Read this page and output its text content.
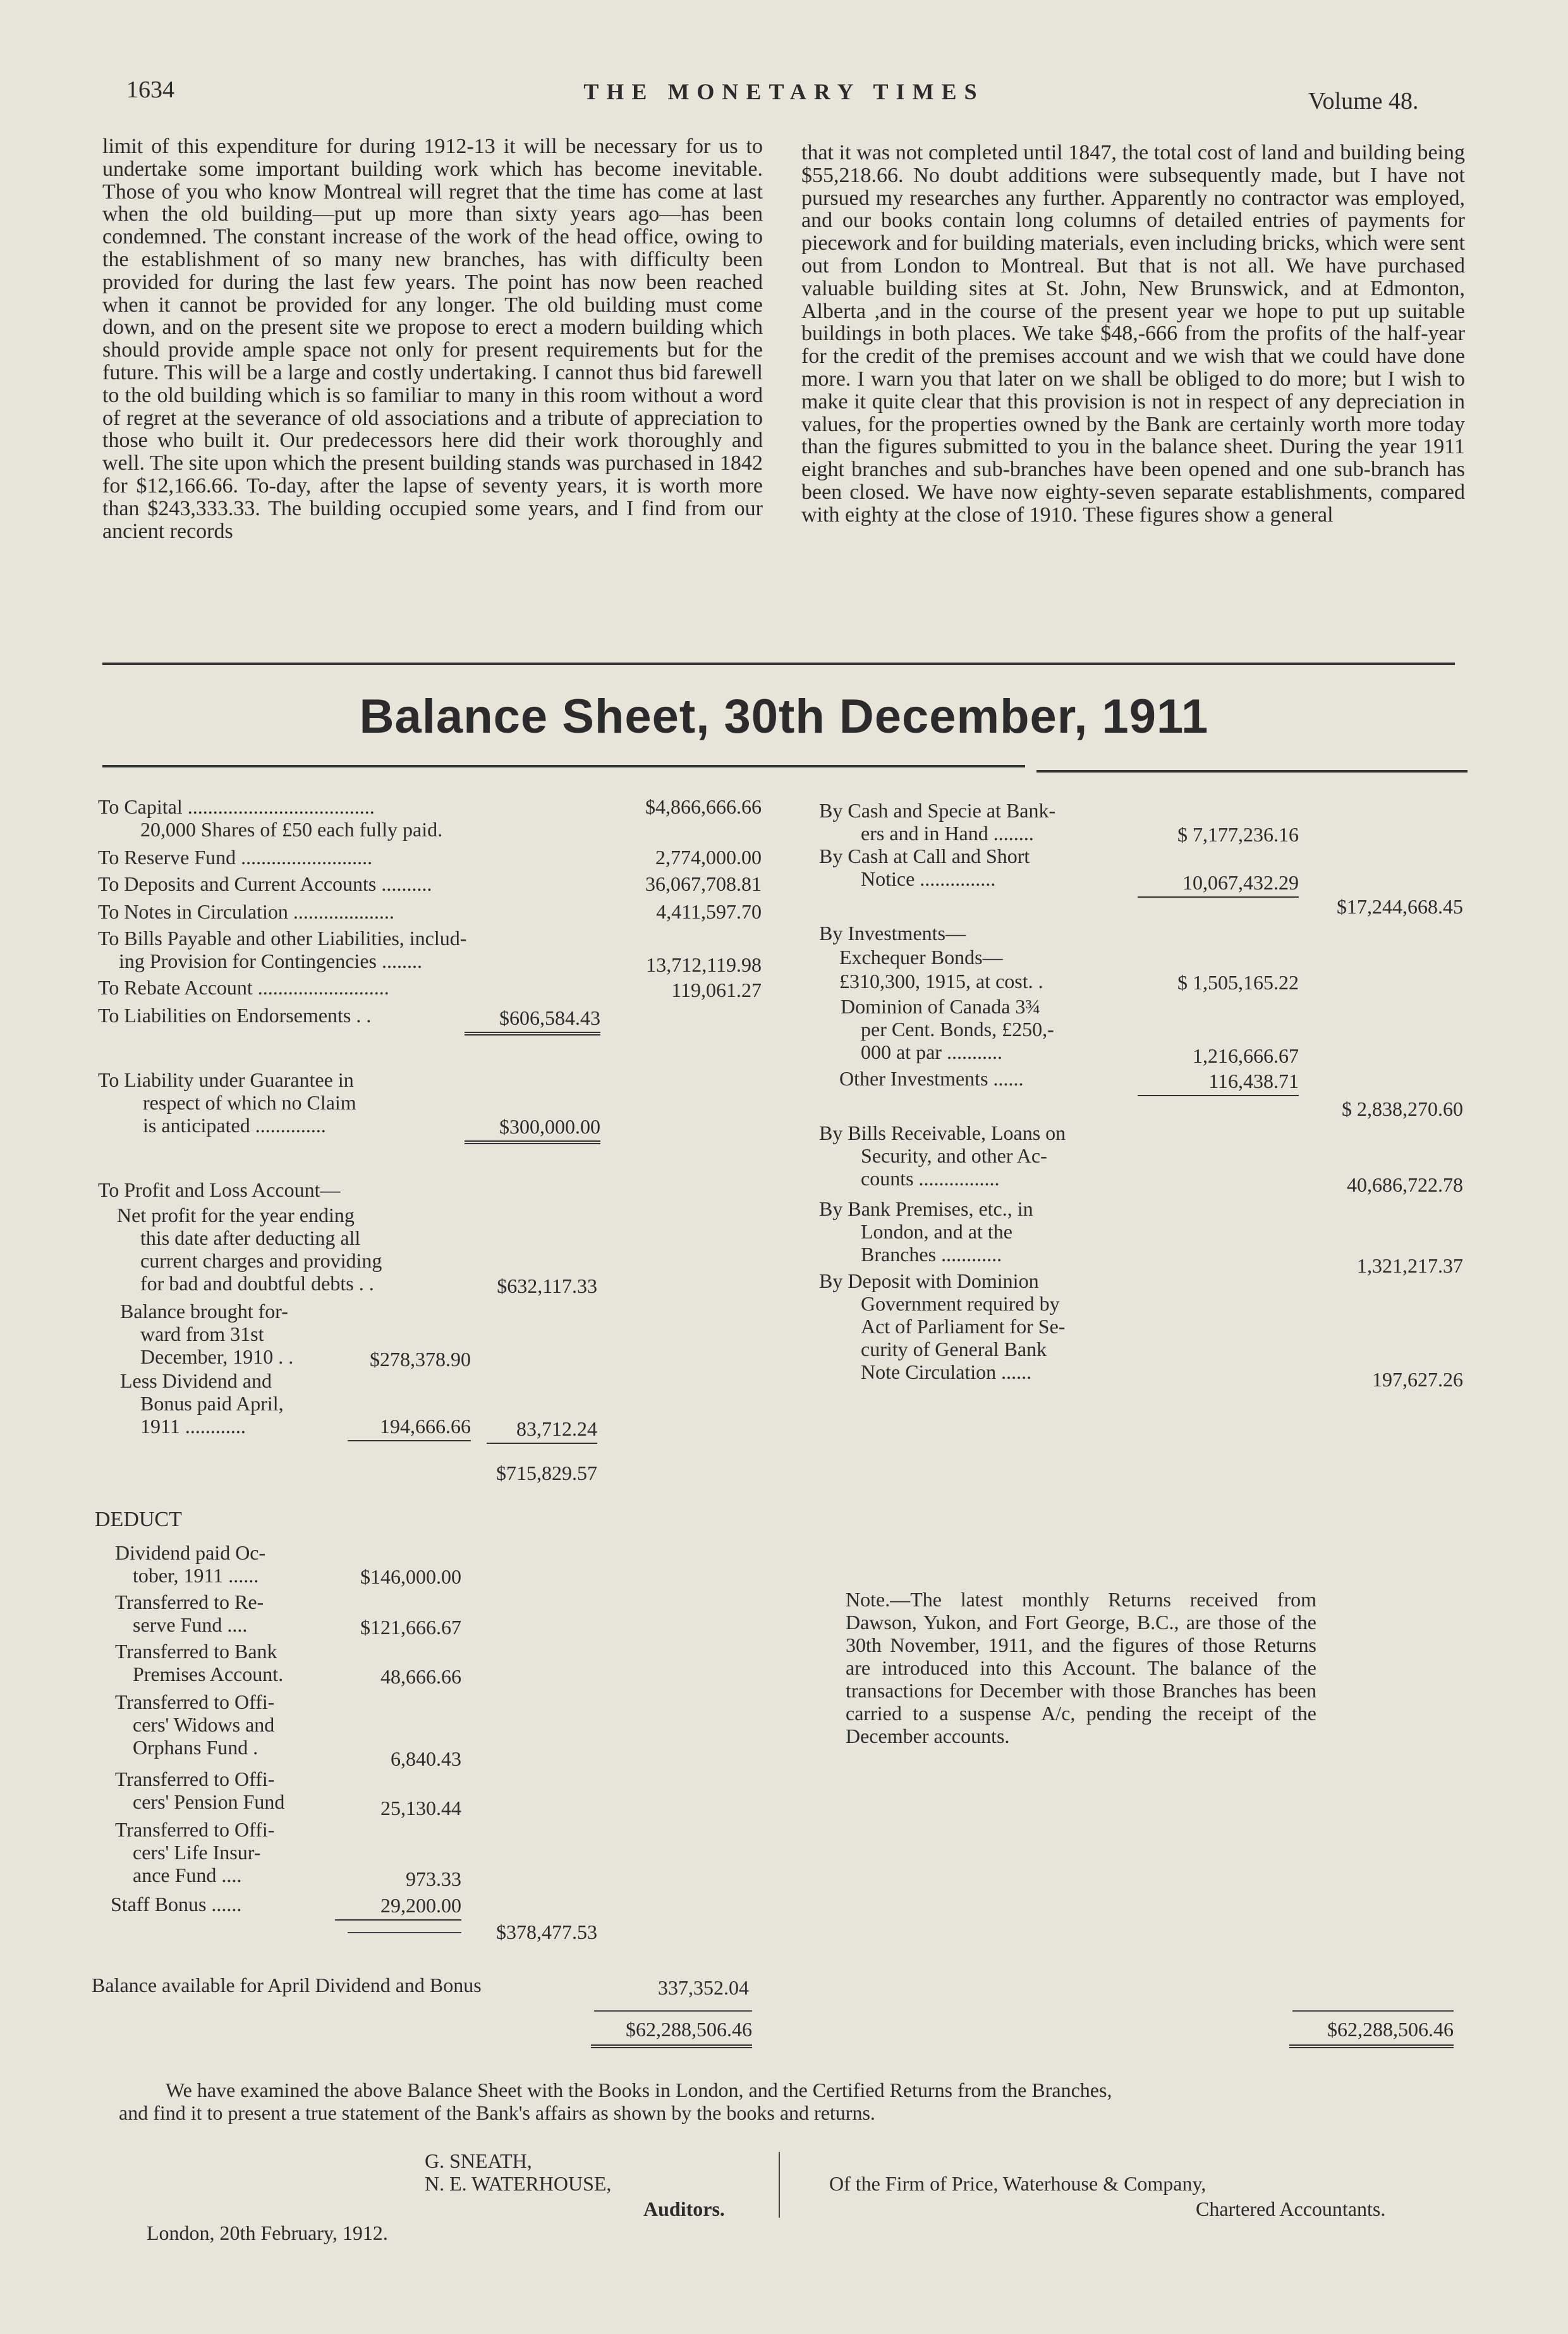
1634	THE MONETARY TIMES	Volume 48.
limit of this expenditure for during 1912-13 it will be necessary for us to undertake some important building work which has become inevitable. Those of you who know Montreal will regret that the time has come at last when the old building—put up more than sixty years ago—has been condemned. The constant increase of the work of the head office, owing to the establishment of so many new branches, has with difficulty been provided for during the last few years. The point has now been reached when it cannot be provided for any longer. The old building must come down, and on the present site we propose to erect a modern building which should provide ample space not only for present requirements but for the future. This will be a large and costly undertaking. I cannot thus bid farewell to the old building which is so familiar to many in this room without a word of regret at the severance of old associations and a tribute of appreciation to those who built it. Our predecessors here did their work thoroughly and well. The site upon which the present building stands was purchased in 1842 for $12,166.66. To-day, after the lapse of seventy years, it is worth more than $243,333.33. The building occupied some years, and I find from our ancient records
that it was not completed until 1847, the total cost of land and building being $55,218.66. No doubt additions were subsequently made, but I have not pursued my researches any further. Apparently no contractor was employed, and our books contain long columns of detailed entries of payments for piecework and for building materials, even including bricks, which were sent out from London to Montreal. But that is not all. We have purchased valuable building sites at St. John, New Brunswick, and at Edmonton, Alberta ,and in the course of the present year we hope to put up suitable buildings in both places. We take $48,-666 from the profits of the half-year for the credit of the premises account and we wish that we could have done more. I warn you that later on we shall be obliged to do more; but I wish to make it quite clear that this provision is not in respect of any depreciation in values, for the properties owned by the Bank are certainly worth more today than the figures submitted to you in the balance sheet. During the year 1911 eight branches and sub-branches have been opened and one sub-branch has been closed. We have now eighty-seven separate establishments, compared with eighty at the close of 1910. These figures show a general
Balance Sheet, 30th December, 1911
To Capital .....................................	$4,866,666.66
20,000 Shares of £50 each fully paid.
To Reserve Fund ..........................	2,774,000.00
To Deposits and Current Accounts ..........	36,067,708.81
To Notes in Circulation ....................	4,411,597.70
To Bills Payable and other Liabilities, includ-
ing Provision for Contingencies ........	13,712,119.98
To Rebate Account ..........................	119,061.27
To Liabilities on Endorsements . .	$606,584.43
To Liability under Guarantee in
respect of which no Claim
is anticipated ..............	$300,000.00
To Profit and Loss Account—
Net profit for the year ending
this date after deducting all
current charges and providing
for bad and doubtful debts . .	$632,117.33
Balance brought for-
ward from 31st
December, 1910 . .	$278,378.90
Less Dividend and
Bonus paid April,
1911 ............	194,666.66	83,712.24
$715,829.57
DEDUCT
Dividend paid Oc-
tober, 1911 ......	$146,000.00
Transferred to Re-
serve Fund ....	$121,666.67
Transferred to Bank
Premises Account.	48,666.66
Transferred to Offi-
cers' Widows and
Orphans Fund .	6,840.43
Transferred to Offi-
cers' Pension Fund	25,130.44
Transferred to Offi-
cers' Life Insur-
ance Fund ....	973.33
Staff Bonus ......	29,200.00
$378,477.53
Balance available for April Dividend and Bonus	337,352.04
$62,288,506.46
By Cash and Specie at Bank-
ers and in Hand ........	$ 7,177,236.16
By Cash at Call and Short
Notice ...............	10,067,432.29
$17,244,668.45
By Investments—
Exchequer Bonds—
£310,300, 1915, at cost. .	$ 1,505,165.22
Dominion of Canada 3¾
per Cent. Bonds, £250,-
000 at par ...........	1,216,666.67
Other Investments ......	116,438.71
$ 2,838,270.60
By Bills Receivable, Loans on
Security, and other Ac-
counts ................	40,686,722.78
By Bank Premises, etc., in
London, and at the
Branches ............	1,321,217.37
By Deposit with Dominion
Government required by
Act of Parliament for Se-
curity of General Bank
Note Circulation ......	197,627.26
Note.—The latest monthly Returns received from Dawson, Yukon, and Fort George, B.C., are those of the 30th November, 1911, and the figures of those Returns are introduced into this Account. The balance of the transactions for December with those Branches has been carried to a suspense A/c, pending the receipt of the December accounts.
$62,288,506.46
We have examined the above Balance Sheet with the Books in London, and the Certified Returns from the Branches,
and find it to present a true statement of the Bank's affairs as shown by the books and returns.
G. SNEATH,
N. E. WATERHOUSE,
Auditors.
Of the Firm of Price, Waterhouse & Company,
Chartered Accountants.
London, 20th February, 1912.
